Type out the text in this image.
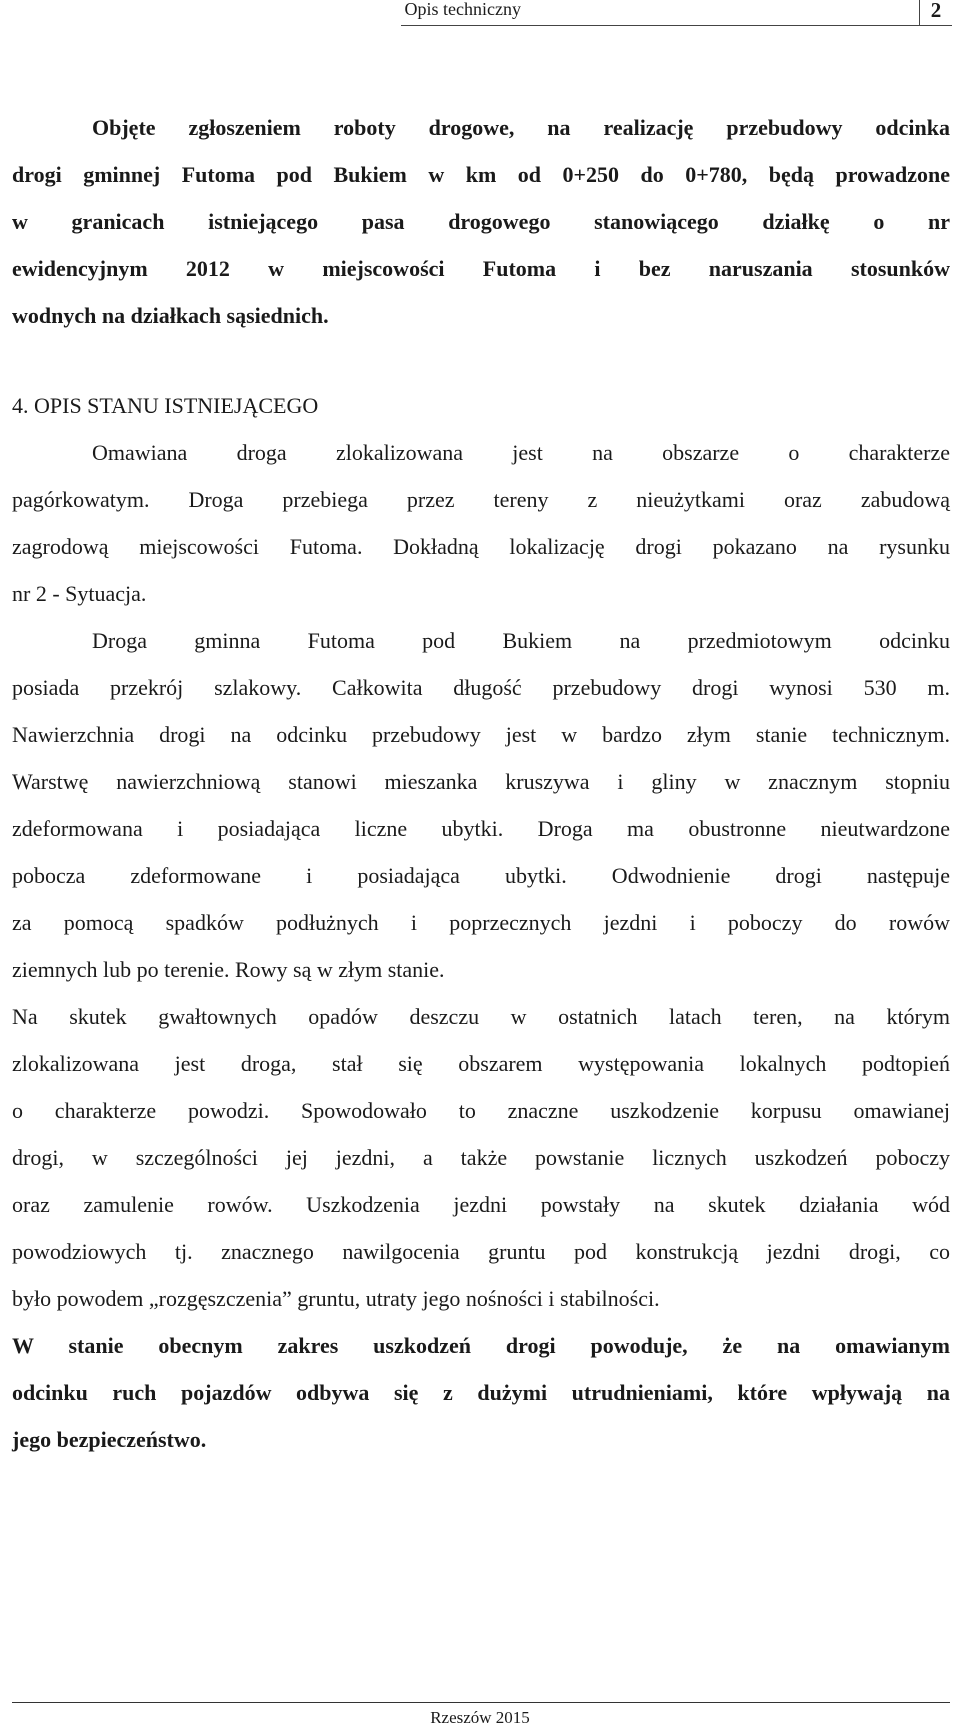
Opis techniczny	2
Objęte zgłoszeniem roboty drogowe, na realizację przebudowy odcinka
drogi gminnej Futoma pod Bukiem w km od 0+250 do 0+780, będą prowadzone
w granicach istniejącego pasa drogowego stanowiącego działkę o nr
ewidencyjnym 2012 w miejscowości Futoma i bez naruszania stosunków
wodnych na działkach sąsiednich.
4. OPIS STANU ISTNIEJĄCEGO
Omawiana droga zlokalizowana jest na obszarze o charakterze
pagórkowatym. Droga przebiega przez tereny z nieużytkami oraz zabudową
zagrodową miejscowości Futoma. Dokładną lokalizację drogi pokazano na rysunku
nr 2 - Sytuacja.
Droga gminna Futoma pod Bukiem na przedmiotowym odcinku
posiada przekrój szlakowy. Całkowita długość przebudowy drogi wynosi 530 m.
Nawierzchnia drogi na odcinku przebudowy jest w bardzo złym stanie technicznym.
Warstwę nawierzchniową stanowi mieszanka kruszywa i gliny w znacznym stopniu
zdeformowana i posiadająca liczne ubytki. Droga ma obustronne nieutwardzone
pobocza zdeformowane i posiadająca ubytki. Odwodnienie drogi następuje
za pomocą spadków podłużnych i poprzecznych jezdni i poboczy do rowów
ziemnych lub po terenie. Rowy są w złym stanie.
Na skutek gwałtownych opadów deszczu w ostatnich latach teren, na którym
zlokalizowana jest droga, stał się obszarem występowania lokalnych podtopień
o charakterze powodzi. Spowodowało to znaczne uszkodzenie korpusu omawianej
drogi, w szczególności jej jezdni, a także powstanie licznych uszkodzeń poboczy
oraz zamulenie rowów. Uszkodzenia jezdni powstały na skutek działania wód
powodziowych tj. znacznego nawilgocenia gruntu pod konstrukcją jezdni drogi, co
było powodem „rozgęszczenia” gruntu, utraty jego nośności i stabilności.
W stanie obecnym zakres uszkodzeń drogi powoduje, że na omawianym
odcinku ruch pojazdów odbywa się z dużymi utrudnieniami, które wpływają na
jego bezpieczeństwo.
Rzeszów 2015
